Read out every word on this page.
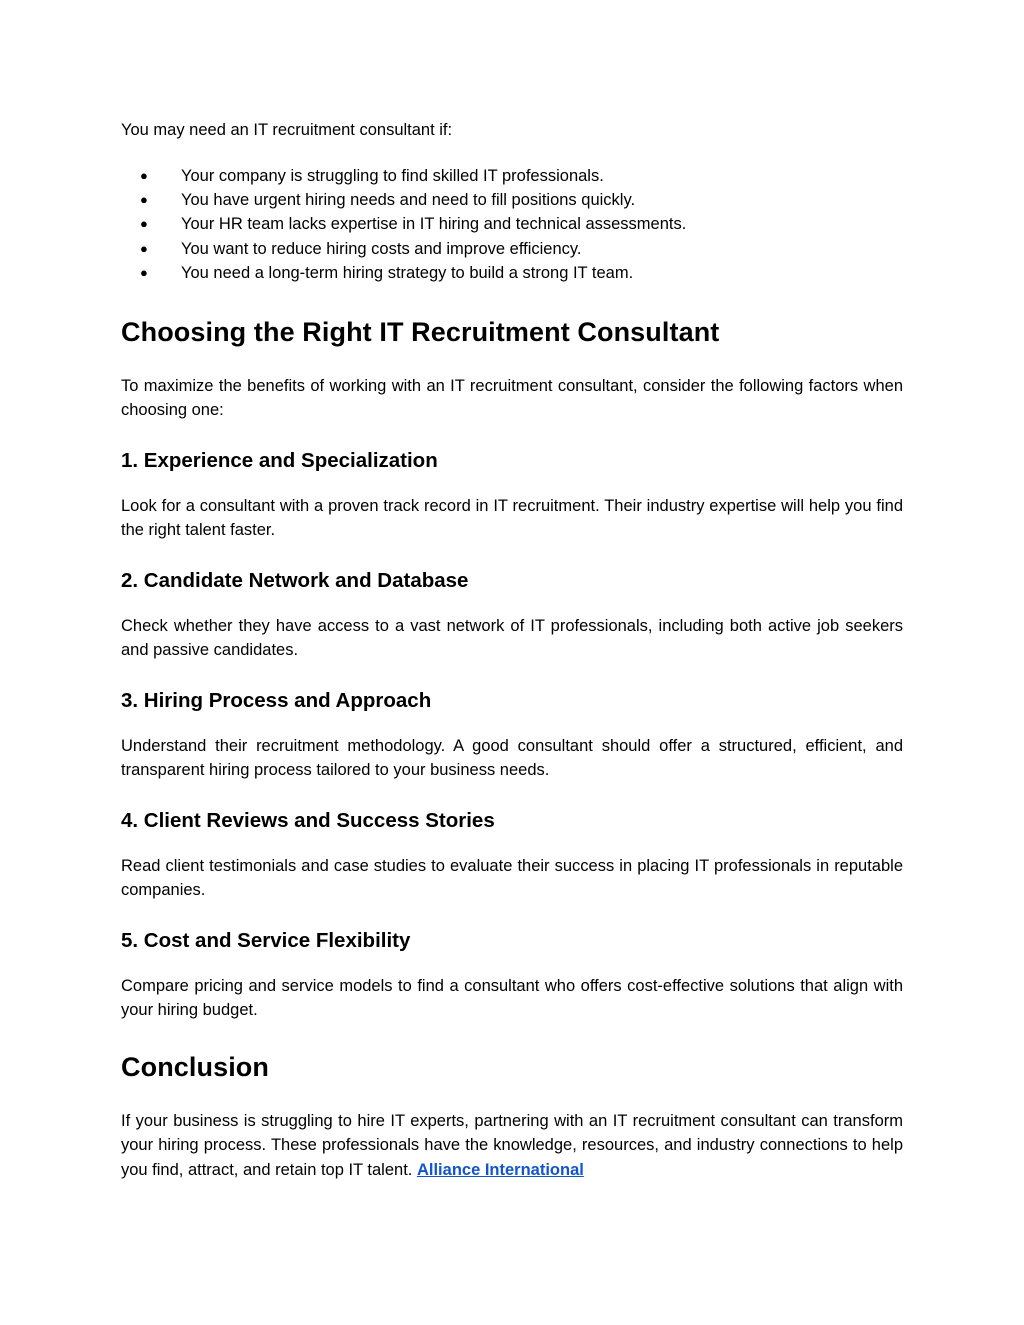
You may need an IT recruitment consultant if:

● Your company is struggling to find skilled IT professionals.
● You have urgent hiring needs and need to fill positions quickly.
● Your HR team lacks expertise in IT hiring and technical assessments.
● You want to reduce hiring costs and improve efficiency.
● You need a long-term hiring strategy to build a strong IT team.
Choosing the Right IT Recruitment Consultant

To maximize the benefits of working with an IT recruitment consultant, consider the following factors when choosing one:

1. Experience and Specialization

Look for a consultant with a proven track record in IT recruitment. Their industry expertise will help you find the right talent faster.

2. Candidate Network and Database

Check whether they have access to a vast network of IT professionals, including both active job seekers and passive candidates.

3. Hiring Process and Approach

Understand their recruitment methodology. A good consultant should offer a structured, efficient, and transparent hiring process tailored to your business needs.

4. Client Reviews and Success Stories

Read client testimonials and case studies to evaluate their success in placing IT professionals in reputable companies.

5. Cost and Service Flexibility

Compare pricing and service models to find a consultant who offers cost-effective solutions that align with your hiring budget.

Conclusion

If your business is struggling to hire IT experts, partnering with an IT recruitment consultant can transform your hiring process. These professionals have the knowledge, resources, and industry connections to help you find, attract, and retain top IT talent. Alliance International
